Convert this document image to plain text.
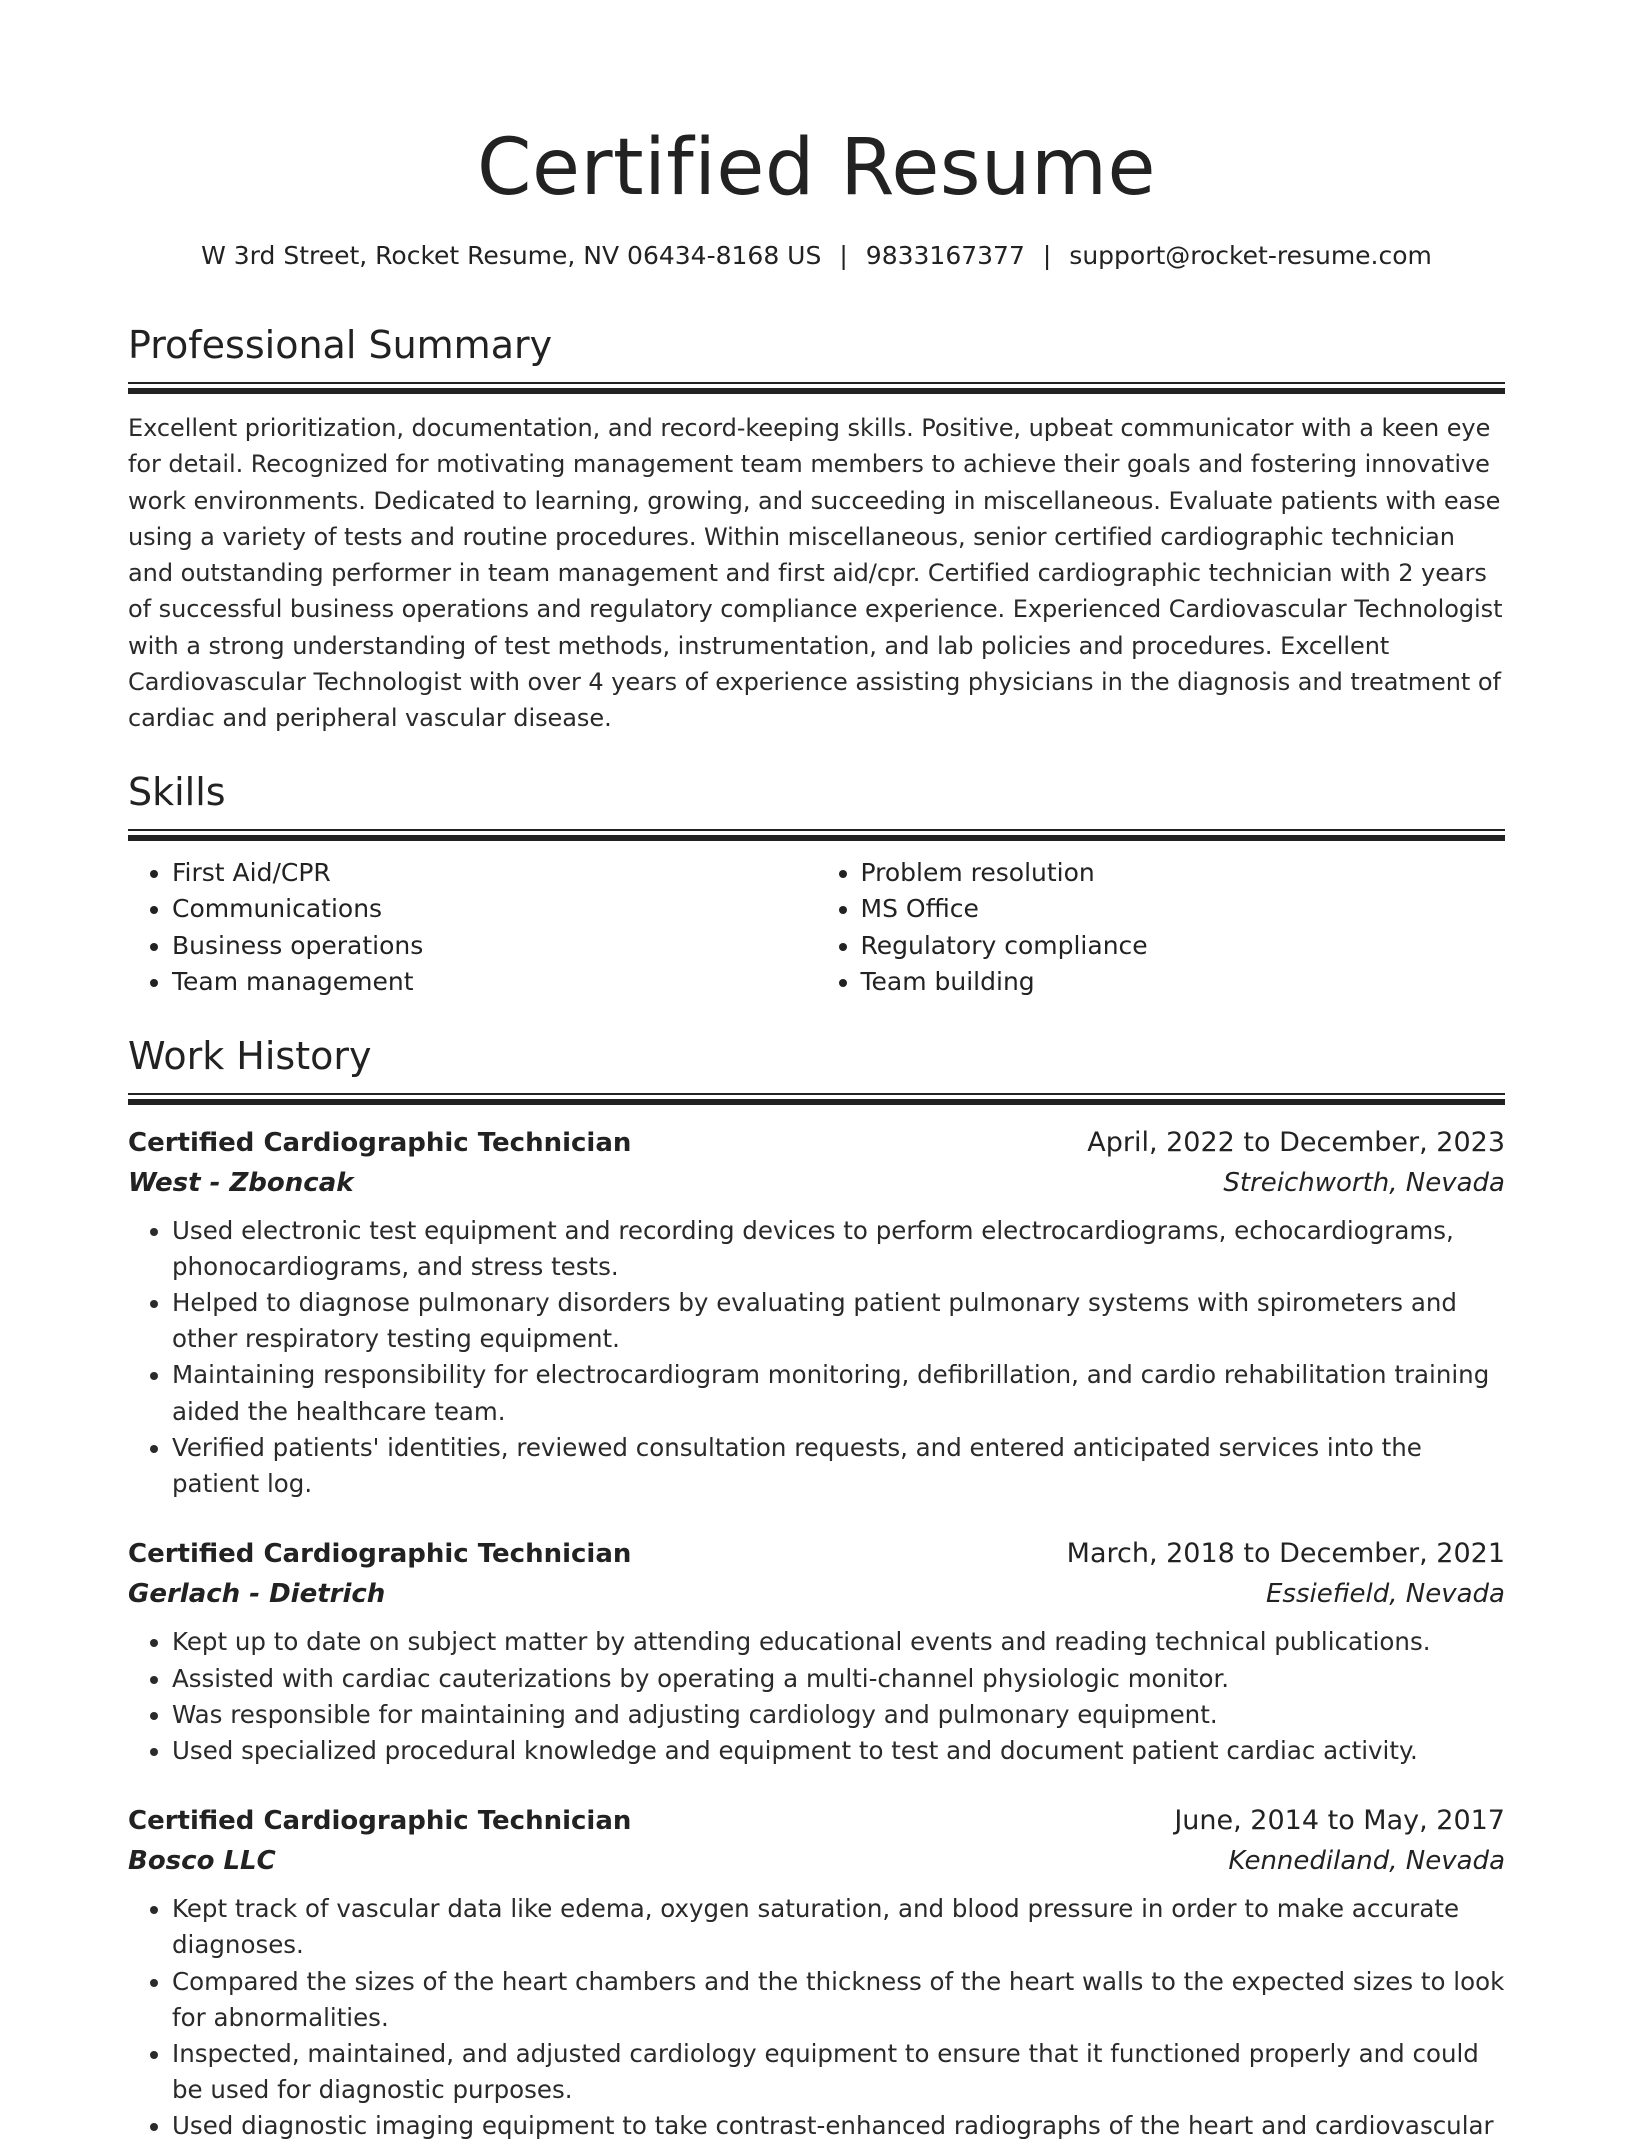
Certified Resume
W 3rd Street, Rocket Resume, NV 06434-8168 US | 9833167377 | support@rocket-resume.com
Professional Summary

Excellent prioritization, documentation, and record-keeping skills. Positive, upbeat communicator with a keen eye for detail. Recognized for motivating management team members to achieve their goals and fostering innovative work environments. Dedicated to learning, growing, and succeeding in miscellaneous. Evaluate patients with ease using a variety of tests and routine procedures. Within miscellaneous, senior certified cardiographic technician and outstanding performer in team management and first aid/cpr. Certified cardiographic technician with 2 years of successful business operations and regulatory compliance experience. Experienced Cardiovascular Technologist with a strong understanding of test methods, instrumentation, and lab policies and procedures. Excellent Cardiovascular Technologist with over 4 years of experience assisting physicians in the diagnosis and treatment of cardiac and peripheral vascular disease.

Skills
• First Aid/CPR
• Communications
• Business operations
• Team management
• Problem resolution
• MS Office
• Regulatory compliance
• Team building
Work History
Certified Cardiographic Technician	April, 2022 to December, 2023
West - Zboncak	Streichworth, Nevada
• Used electronic test equipment and recording devices to perform electrocardiograms, echocardiograms, phonocardiograms, and stress tests.
• Helped to diagnose pulmonary disorders by evaluating patient pulmonary systems with spirometers and other respiratory testing equipment.
• Maintaining responsibility for electrocardiogram monitoring, defibrillation, and cardio rehabilitation training aided the healthcare team.
• Verified patients' identities, reviewed consultation requests, and entered anticipated services into the patient log.
Certified Cardiographic Technician	March, 2018 to December, 2021
Gerlach - Dietrich	Essiefield, Nevada
• Kept up to date on subject matter by attending educational events and reading technical publications.
• Assisted with cardiac cauterizations by operating a multi-channel physiologic monitor.
• Was responsible for maintaining and adjusting cardiology and pulmonary equipment.
• Used specialized procedural knowledge and equipment to test and document patient cardiac activity.
Certified Cardiographic Technician	June, 2014 to May, 2017
Bosco LLC	Kennediland, Nevada
• Kept track of vascular data like edema, oxygen saturation, and blood pressure in order to make accurate diagnoses.
• Compared the sizes of the heart chambers and the thickness of the heart walls to the expected sizes to look for abnormalities.
• Inspected, maintained, and adjusted cardiology equipment to ensure that it functioned properly and could be used for diagnostic purposes.
• Used diagnostic imaging equipment to take contrast-enhanced radiographs of the heart and cardiovascular
